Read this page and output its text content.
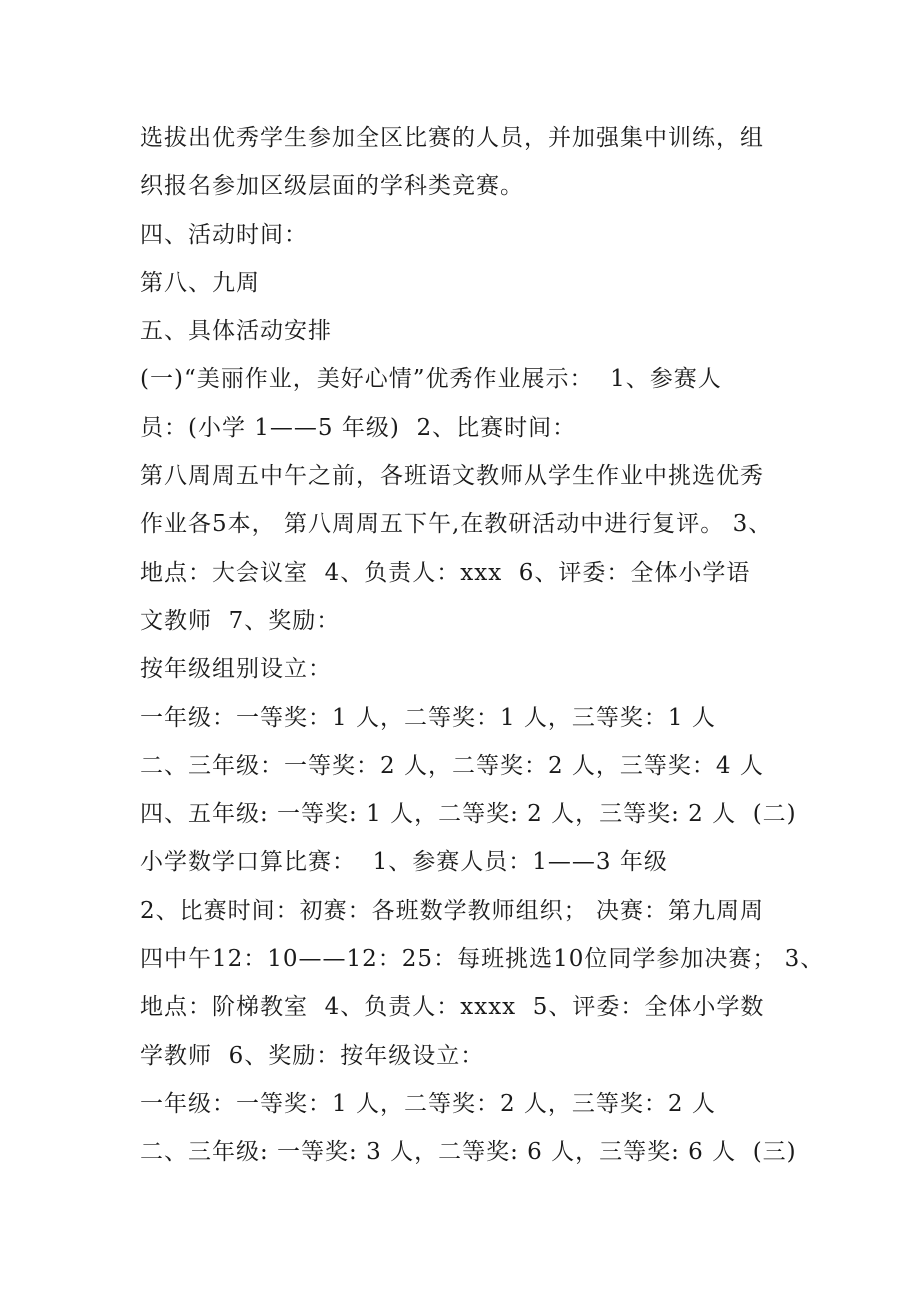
选拔出优秀学生参加全区比赛的人员，并加强集中训练，组
织报名参加区级层面的学科类竞赛。
四、活动时间：
第八、九周
五、具体活动安排
(一)“美丽作业，美好心情”优秀作业展示：  1、参赛人
员：(小学 1——5 年级)  2、比赛时间：
第八周周五中午之前，各班语文教师从学生作业中挑选优秀
作业各5本， 第八周周五下午,在教研活动中进行复评。 3、
地点：大会议室  4、负责人：xxx  6、评委：全体小学语
文教师  7、奖励：
按年级组别设立：
一年级：一等奖：1 人，二等奖：1 人，三等奖：1 人
二、三年级：一等奖：2 人，二等奖：2 人，三等奖：4 人
四、五年级: 一等奖: 1 人，二等奖: 2 人，三等奖: 2 人  (二)
小学数学口算比赛：  1、参赛人员：1——3 年级
2、比赛时间：初赛：各班数学教师组织； 决赛：第九周周
四中午12：10——12：25：每班挑选10位同学参加决赛； 3、
地点：阶梯教室  4、负责人：xxxx  5、评委：全体小学数
学教师  6、奖励：按年级设立：
一年级：一等奖：1 人，二等奖：2 人，三等奖：2 人
二、三年级: 一等奖: 3 人，二等奖: 6 人，三等奖: 6 人  (三)
